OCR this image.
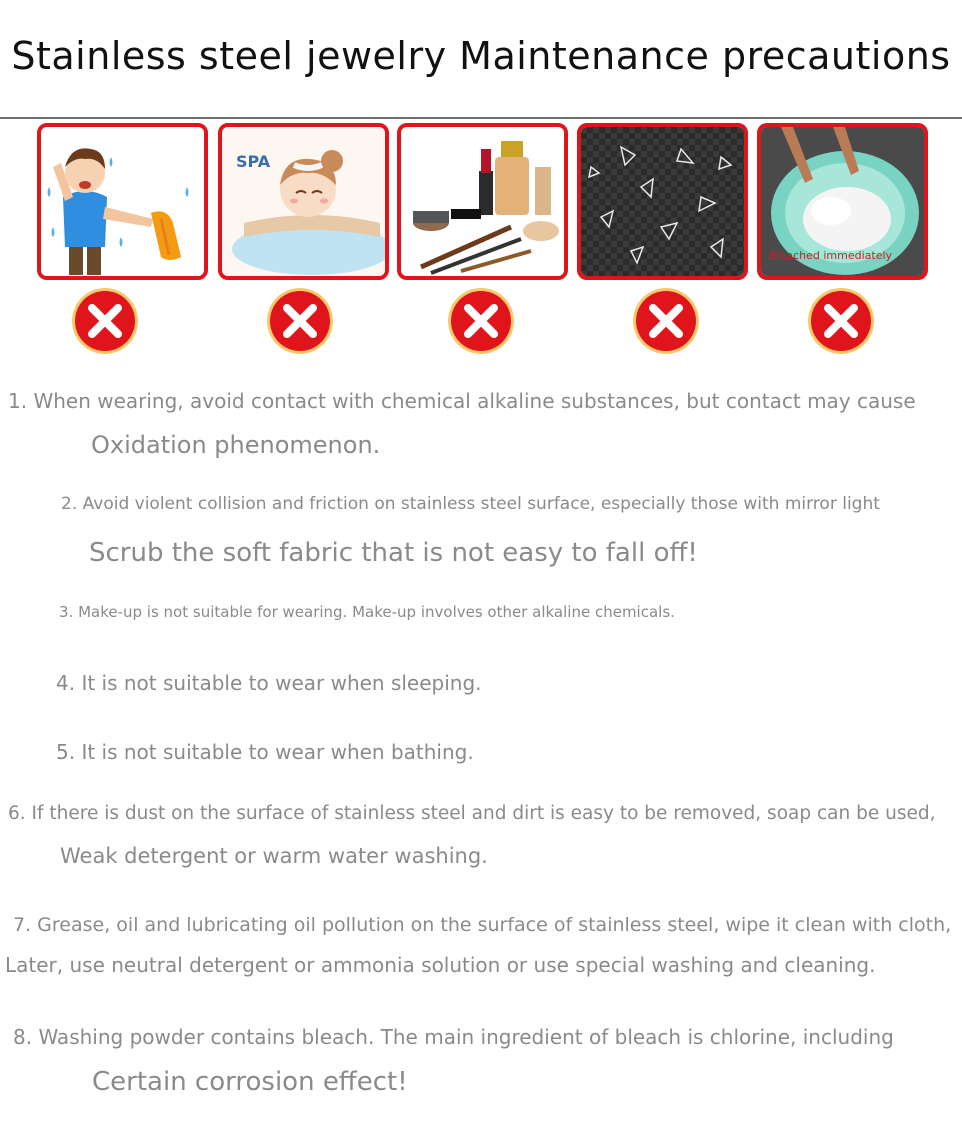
Stainless steel jewelry Maintenance precautions
SPA
Bleached immediately
1. When wearing, avoid contact with chemical alkaline substances, but contact may cause
Oxidation phenomenon.
2. Avoid violent collision and friction on stainless steel surface, especially those with mirror light
Scrub the soft fabric that is not easy to fall off!
3. Make-up is not suitable for wearing. Make-up involves other alkaline chemicals.
4. It is not suitable to wear when sleeping.
5. It is not suitable to wear when bathing.
6. If there is dust on the surface of stainless steel and dirt is easy to be removed, soap can be used,
Weak detergent or warm water washing.
7. Grease, oil and lubricating oil pollution on the surface of stainless steel, wipe it clean with cloth,
Later, use neutral detergent or ammonia solution or use special washing and cleaning.
8. Washing powder contains bleach. The main ingredient of bleach is chlorine, including
Certain corrosion effect!
